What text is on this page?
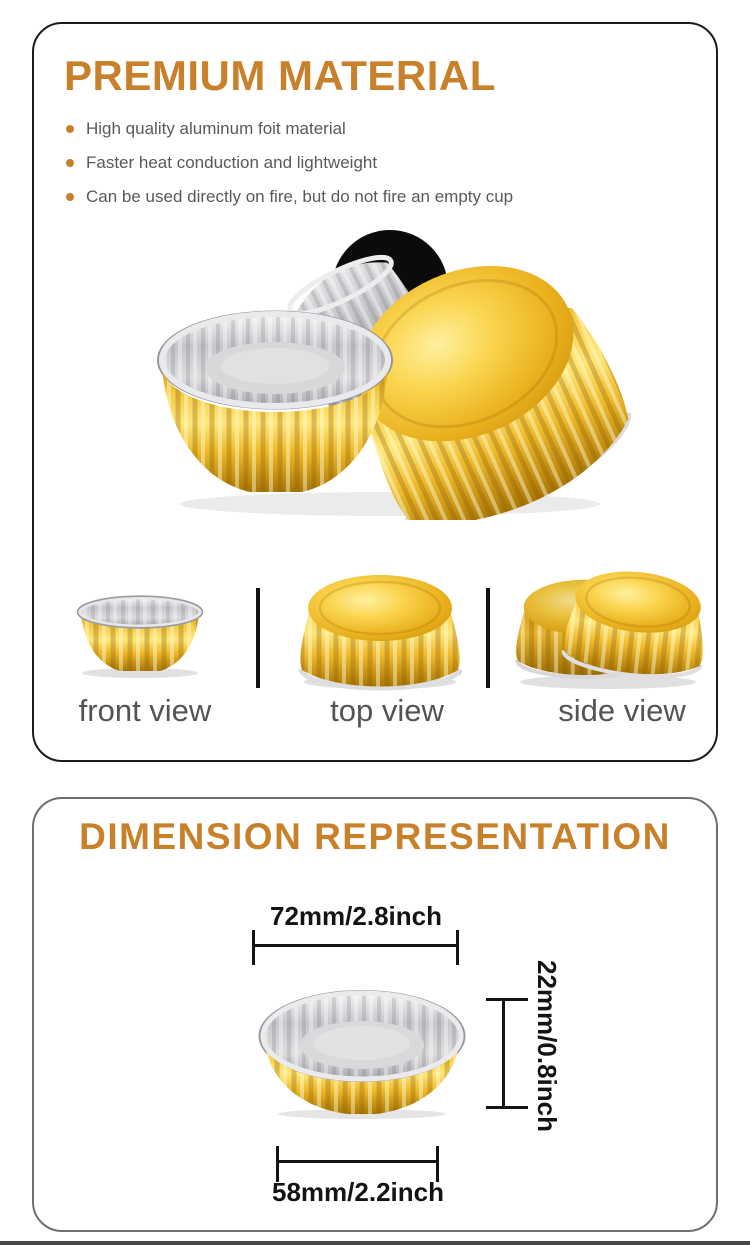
PREMIUM MATERIAL
High quality aluminum foit material
Faster heat conduction and lightweight
Can be used directly on fire, but do not fire an empty cup
front view	top view	side view
DIMENSION REPRESENTATION
72mm/2.8inch
22mm/0.8inch
58mm/2.2inch
